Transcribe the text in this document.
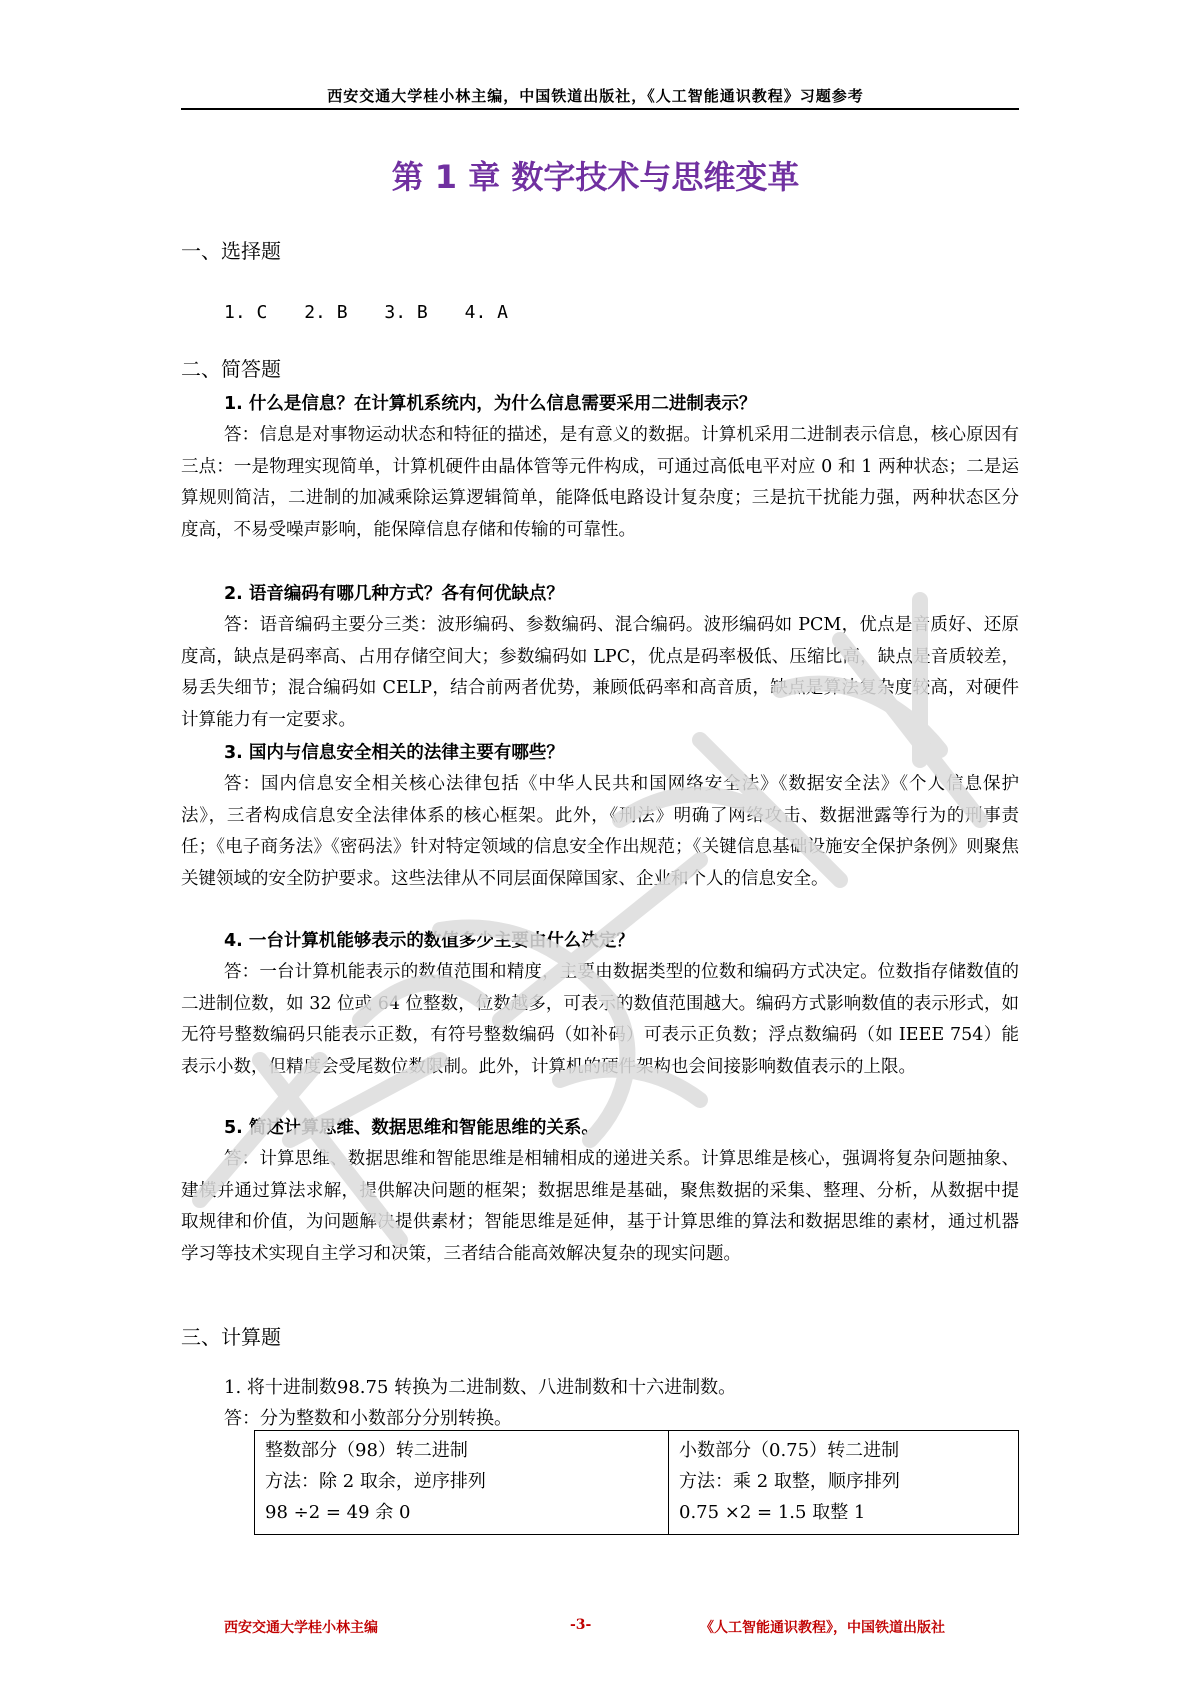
西安交通大学桂小林主编，中国铁道出版社，《人工智能通识教程》习题参考
第 1 章 数字技术与思维变革
一、选择题
1. C 2. B 3. B 4. A
二、简答题
1. 什么是信息？在计算机系统内，为什么信息需要采用二进制表示？
答：信息是对事物运动状态和特征的描述，是有意义的数据。计算机采用二进制表示信息，核心原因有三点：一是物理实现简单，计算机硬件由晶体管等元件构成，可通过高低电平对应 0 和 1 两种状态；二是运算规则简洁，二进制的加减乘除运算逻辑简单，能降低电路设计复杂度；三是抗干扰能力强，两种状态区分度高，不易受噪声影响，能保障信息存储和传输的可靠性。
2. 语音编码有哪几种方式？各有何优缺点？
答：语音编码主要分三类：波形编码、参数编码、混合编码。波形编码如 PCM，优点是音质好、还原度高，缺点是码率高、占用存储空间大；参数编码如 LPC，优点是码率极低、压缩比高，缺点是音质较差，易丢失细节；混合编码如 CELP，结合前两者优势，兼顾低码率和高音质，缺点是算法复杂度较高，对硬件计算能力有一定要求。
3. 国内与信息安全相关的法律主要有哪些？
答：国内信息安全相关核心法律包括《中华人民共和国网络安全法》《数据安全法》《个人信息保护法》，三者构成信息安全法律体系的核心框架。此外，《刑法》明确了网络攻击、数据泄露等行为的刑事责任；《电子商务法》《密码法》针对特定领域的信息安全作出规范；《关键信息基础设施安全保护条例》则聚焦关键领域的安全防护要求。这些法律从不同层面保障国家、企业和个人的信息安全。
4. 一台计算机能够表示的数值多少主要由什么决定？
答：一台计算机能表示的数值范围和精度，主要由数据类型的位数和编码方式决定。位数指存储数值的二进制位数，如 32 位或 64 位整数，位数越多，可表示的数值范围越大。编码方式影响数值的表示形式，如无符号整数编码只能表示正数，有符号整数编码（如补码）可表示正负数；浮点数编码（如 IEEE 754）能表示小数，但精度会受尾数位数限制。此外，计算机的硬件架构也会间接影响数值表示的上限。
5. 简述计算思维、数据思维和智能思维的关系。
答：计算思维、数据思维和智能思维是相辅相成的递进关系。计算思维是核心，强调将复杂问题抽象、建模并通过算法求解，提供解决问题的框架；数据思维是基础，聚焦数据的采集、整理、分析，从数据中提取规律和价值，为问题解决提供素材；智能思维是延伸，基于计算思维的算法和数据思维的素材，通过机器学习等技术实现自主学习和决策，三者结合能高效解决复杂的现实问题。
三、计算题
1. 将十进制数98.75 转换为二进制数、八进制数和十六进制数。
答：分为整数和小数部分分别转换。
整数部分（98）转二进制
方法：除 2 取余，逆序排列
98 ÷2 = 49 余 0

小数部分（0.75）转二进制
方法：乘 2 取整，顺序排列
0.75 ×2 = 1.5 取整 1
西安交通大学桂小林主编	-3-	《人工智能通识教程》，中国铁道出版社
